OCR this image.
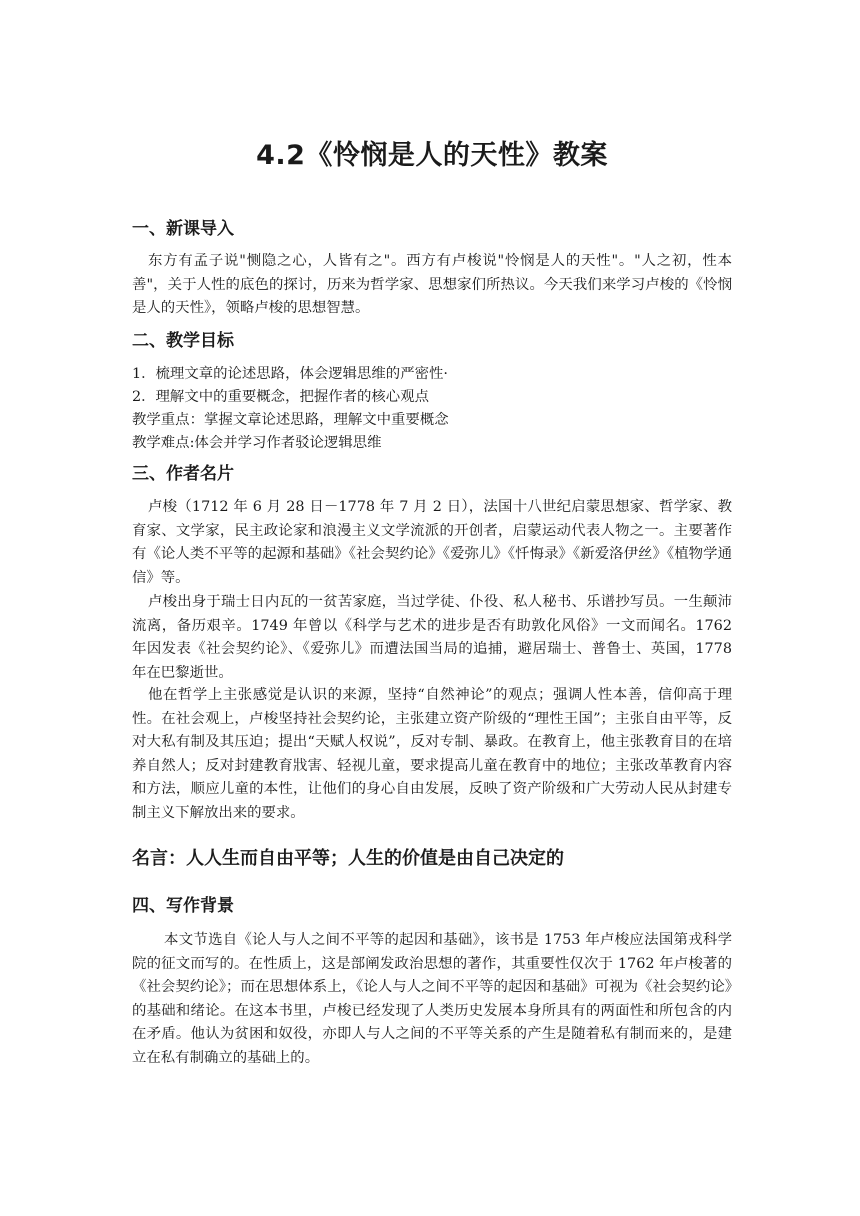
4.2《怜悯是人的天性》教案
一、新课导入

东方有孟子说"恻隐之心，人皆有之"。西方有卢梭说"怜悯是人的天性"。"人之初，性本善"，关于人性的底色的探讨，历来为哲学家、思想家们所热议。今天我们来学习卢梭的《怜悯是人的天性》，领略卢梭的思想智慧。

二、教学目标

1．梳理文章的论述思路，体会逻辑思维的严密性·

2．理解文中的重要概念，把握作者的核心观点

教学重点：掌握文章论述思路，理解文中重要概念

教学难点:体会并学习作者驳论逻辑思维

三、作者名片

卢梭（1712 年 6 月 28 日－1778 年 7 月 2 日），法国十八世纪启蒙思想家、哲学家、教育家、文学家，民主政论家和浪漫主义文学流派的开创者，启蒙运动代表人物之一。主要著作有《论人类不平等的起源和基础》《社会契约论》《爱弥儿》《忏悔录》《新爱洛伊丝》《植物学通信》等。

卢梭出身于瑞士日内瓦的一贫苦家庭，当过学徒、仆役、私人秘书、乐谱抄写员。一生颠沛流离，备历艰辛。1749 年曾以《科学与艺术的进步是否有助敦化风俗》一文而闻名。1762 年因发表《社会契约论》、《爱弥儿》而遭法国当局的追捕，避居瑞士、普鲁士、英国，1778 年在巴黎逝世。

他在哲学上主张感觉是认识的来源，坚持“自然神论”的观点；强调人性本善，信仰高于理性。在社会观上，卢梭坚持社会契约论，主张建立资产阶级的“理性王国”；主张自由平等，反对大私有制及其压迫；提出“天赋人权说”，反对专制、暴政。在教育上，他主张教育目的在培养自然人；反对封建教育戕害、轻视儿童，要求提高儿童在教育中的地位；主张改革教育内容和方法，顺应儿童的本性，让他们的身心自由发展，反映了资产阶级和广大劳动人民从封建专制主义下解放出来的要求。

名言：人人生而自由平等；人生的价值是由自己决定的
四、写作背景

本文节选自《论人与人之间不平等的起因和基础》，该书是 1753 年卢梭应法国第戎科学院的征文而写的。在性质上，这是部阐发政治思想的著作，其重要性仅次于 1762 年卢梭著的《社会契约论》；而在思想体系上，《论人与人之间不平等的起因和基础》可视为《社会契约论》的基础和绪论。在这本书里，卢梭已经发现了人类历史发展本身所具有的两面性和所包含的内在矛盾。他认为贫困和奴役，亦即人与人之间的不平等关系的产生是随着私有制而来的，是建立在私有制确立的基础上的。
